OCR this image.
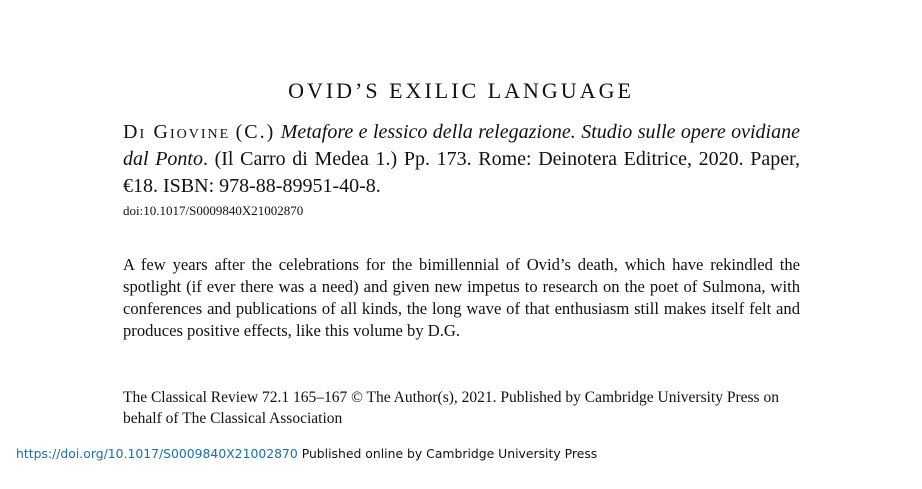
OVID’S EXILIC LANGUAGE
Di Giovine (C.) Metafore e lessico della relegazione. Studio sulle opere ovidiane dal Ponto. (Il Carro di Medea 1.) Pp. 173. Rome: Deinotera Editrice, 2020. Paper, €18. ISBN: 978-88-89951-40-8.
doi:10.1017/S0009840X21002870
A few years after the celebrations for the bimillennial of Ovid’s death, which have rekindled the spotlight (if ever there was a need) and given new impetus to research on the poet of Sulmona, with conferences and publications of all kinds, the long wave of that enthusiasm still makes itself felt and produces positive effects, like this volume by D.G.
The Classical Review 72.1 165–167 © The Author(s), 2021. Published by Cambridge University Press on behalf of The Classical Association
https://doi.org/10.1017/S0009840X21002870 Published online by Cambridge University Press
